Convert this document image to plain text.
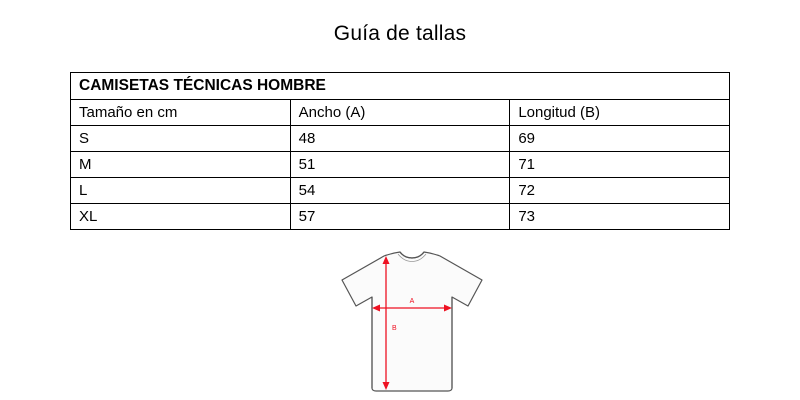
Guía de tallas
CAMISETAS TÉCNICAS HOMBRE		
Tamaño en cm	Ancho (A)	Longitud (B)
S	48	69
M	51	71
L	54	72
XL	57	73
A
B
